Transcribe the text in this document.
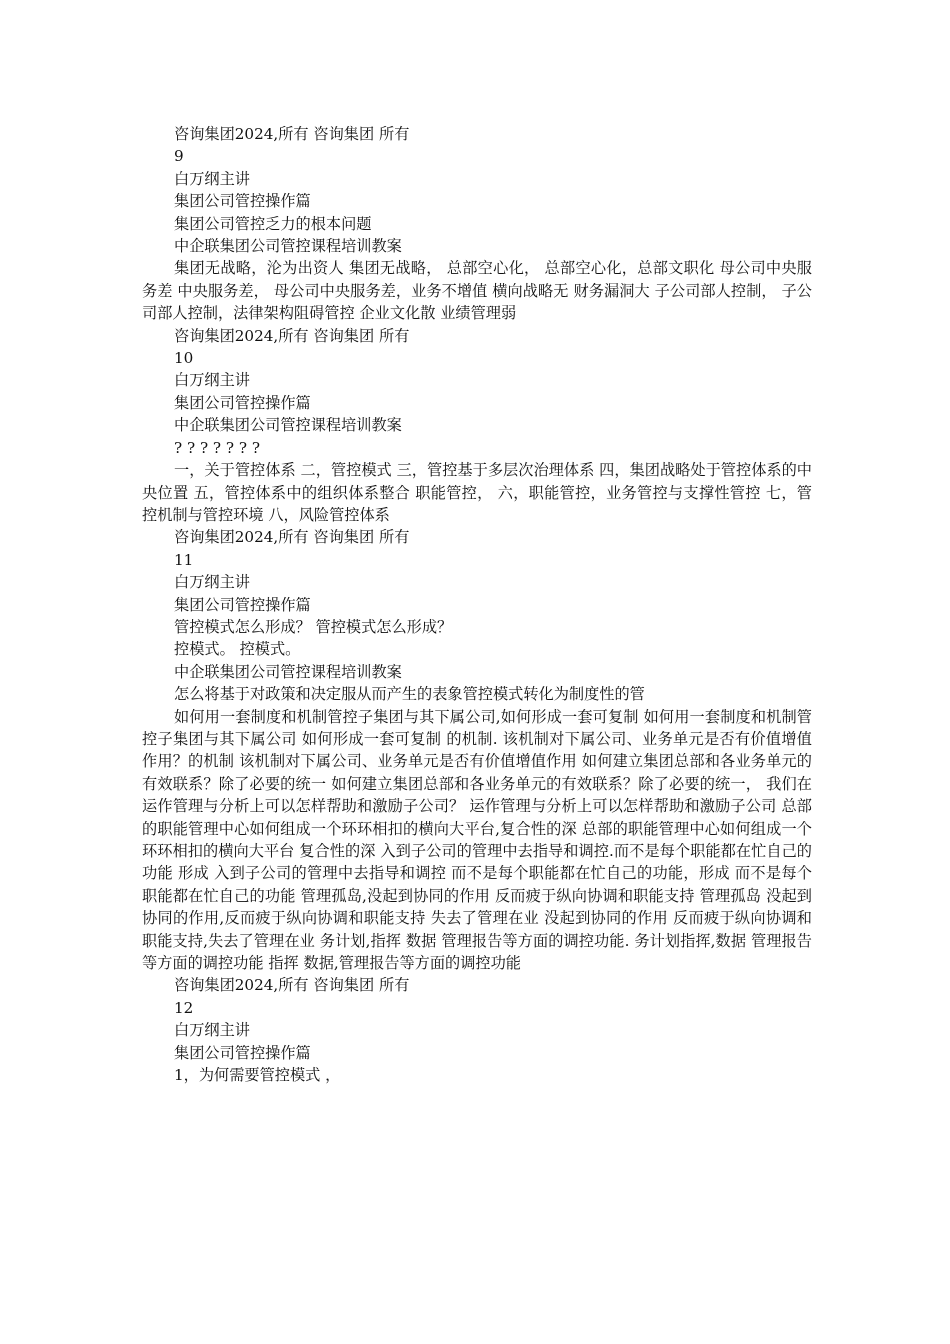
咨询集团2024,所有 咨询集团 所有

9

白万纲主讲

集团公司管控操作篇

集团公司管控乏力的根本问题

中企联集团公司管控课程培训教案

集团无战略，沦为出资人 集团无战略， 总部空心化， 总部空心化，总部文职化 母公司中央服务差 中央服务差， 母公司中央服务差，业务不增值 横向战略无 财务漏洞大 子公司部人控制， 子公司部人控制，法律架构阻碍管控 企业文化散 业绩管理弱

咨询集团2024,所有 咨询集团 所有

10

白万纲主讲

集团公司管控操作篇

中企联集团公司管控课程培训教案

? ? ? ? ? ? ?

一，关于管控体系 二，管控模式 三，管控基于多层次治理体系 四，集团战略处于管控体系的中央位置 五，管控体系中的组织体系整合 职能管控， 六，职能管控，业务管控与支撑性管控 七，管控机制与管控环境 八，风险管控体系

咨询集团2024,所有 咨询集团 所有

11

白万纲主讲

集团公司管控操作篇

管控模式怎么形成？ 管控模式怎么形成？

控模式。 控模式。

中企联集团公司管控课程培训教案

怎么将基于对政策和决定服从而产生的表象管控模式转化为制度性的管

如何用一套制度和机制管控子集团与其下属公司,如何形成一套可复制 如何用一套制度和机制管控子集团与其下属公司 如何形成一套可复制 的机制. 该机制对下属公司、业务单元是否有价值增值作用？的机制 该机制对下属公司、业务单元是否有价值增值作用 如何建立集团总部和各业务单元的有效联系？除了必要的统一 如何建立集团总部和各业务单元的有效联系？除了必要的统一， 我们在 运作管理与分析上可以怎样帮助和激励子公司？ 运作管理与分析上可以怎样帮助和激励子公司 总部的职能管理中心如何组成一个环环相扣的横向大平台,复合性的深 总部的职能管理中心如何组成一个环环相扣的横向大平台 复合性的深 入到子公司的管理中去指导和调控.而不是每个职能都在忙自己的功能 形成 入到子公司的管理中去指导和调控 而不是每个职能都在忙自己的功能，形成 而不是每个职能都在忙自己的功能 管理孤岛,没起到协同的作用 反而疲于纵向协调和职能支持 管理孤岛 没起到协同的作用,反而疲于纵向协调和职能支持 失去了管理在业 没起到协同的作用 反而疲于纵向协调和职能支持,失去了管理在业 务计划,指挥 数据 管理报告等方面的调控功能. 务计划指挥,数据 管理报告等方面的调控功能 指挥 数据,管理报告等方面的调控功能

咨询集团2024,所有 咨询集团 所有

12

白万纲主讲

集团公司管控操作篇

1，为何需要管控模式 ，
